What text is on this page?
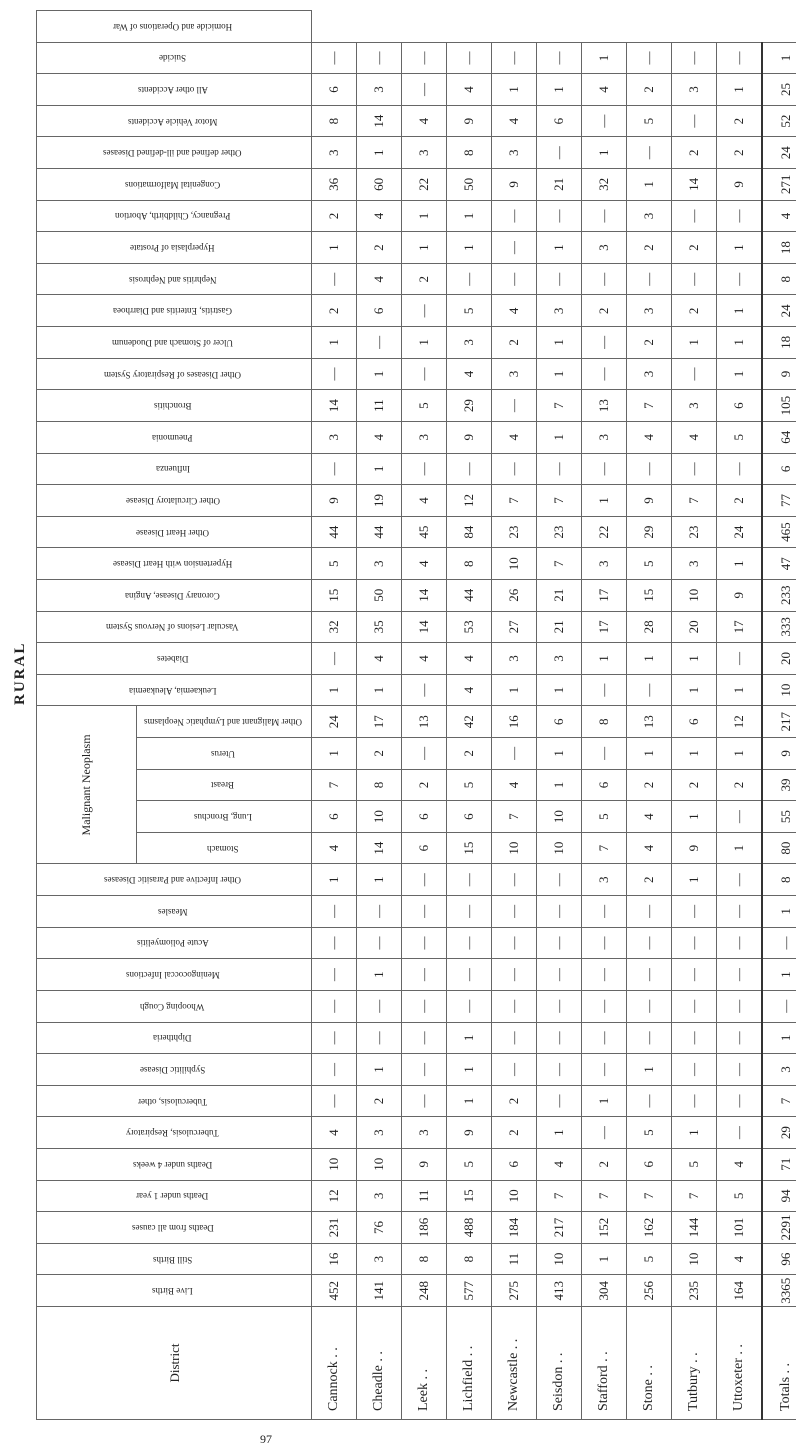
RURAL
District	Live Births	Still Births	Deaths from all causes	Deaths under 1 year	Deaths under 4 weeks	Tuberculosis, Respiratory	Tuberculosis, other	Syphilitic Disease	Diphtheria	Whooping Cough	Meningococcal Infections	Acute Poliomyelitis	Measles	Other Infective and Parasitic Diseases	Malignant Neoplasm					Leukaemia, Aleukaemia	Diabetes	Vascular Lesions of Nervous System	Coronary Disease, Angina	Hypertension with Heart Disease	Other Heart Disease	Other Circulatory Disease	Influenza	Pneumonia	Bronchitis	Other Diseases of Respiratory System	Ulcer of Stomach and Duodenum	Gastritis, Enteritis and Diarrhoea	Nephritis and Nephrosis	Hyperplasia of Prostate	Pregnancy, Childbirth, Abortion	Congenital Malformations	Other defined and ill-defined Diseases	Motor Vehicle Accidents	All other Accidents	Suicide	Homicide and Operations of War
															Stomach	Lung, Bronchus	Breast	Uterus	Other Malignant and Lymphatic Neoplasms																						
Cannock . .	452	16	231	12	10	4	—	—	—	—	—	—	—	1	4	6	7	1	24	1	—	32	15	5	44	9	—	3	14	—	1	2	—	1	2	36	3	8	6	—	
Cheadle . .	141	3	76	3	10	3	2	1	—	—	1	—	—	1	14	10	8	2	17	1	4	35	50	3	44	19	1	4	11	1	—	6	4	2	4	60	1	14	3	—	
Leek . .	248	8	186	11	9	3	—	—	—	—	—	—	—	—	6	6	2	—	13	—	4	14	14	4	45	4	—	3	5	—	1	—	2	1	1	22	3	4	—	—	
Lichfield . .	577	8	488	15	5	9	1	1	1	—	—	—	—	—	15	6	5	2	42	4	4	53	44	8	84	12	—	9	29	4	3	5	—	1	1	50	8	9	4	—	
Newcastle . .	275	11	184	10	6	2	2	—	—	—	—	—	—	—	10	7	4	—	16	1	3	27	26	10	23	7	—	4	—	3	2	4	—	—	—	9	3	4	1	—	
Seisdon . .	413	10	217	7	4	1	—	—	—	—	—	—	—	—	10	10	1	1	6	1	3	21	21	7	23	7	—	1	7	1	1	3	—	1	—	21	—	6	1	—	
Stafford . .	304	1	152	7	2	—	1	—	—	—	—	—	—	3	7	5	6	—	8	—	1	17	17	3	22	1	—	3	13	—	—	2	—	3	—	32	1	—	4	1	
Stone . .	256	5	162	7	6	5	—	1	—	—	—	—	—	2	4	4	2	1	13	—	1	28	15	5	29	9	—	4	7	3	2	3	—	2	3	1	—	5	2	—	
Tutbury . .	235	10	144	7	5	1	—	—	—	—	—	—	—	1	9	1	2	1	6	1	1	20	10	3	23	7	—	4	3	—	1	2	—	2	—	14	2	—	3	—	
Uttoxeter . .	164	4	101	5	4	—	—	—	—	—	—	—	—	—	1	—	2	1	12	1	—	17	9	1	24	2	—	5	6	1	1	1	—	1	—	9	2	2	1	—	
Totals . .	3365	96	2291	94	71	29	7	3	1	—	1	—	1	8	80	55	39	9	217	10	20	333	233	47	465	77	6	64	105	9	18	24	8	18	4	271	24	52	25	1	
97
